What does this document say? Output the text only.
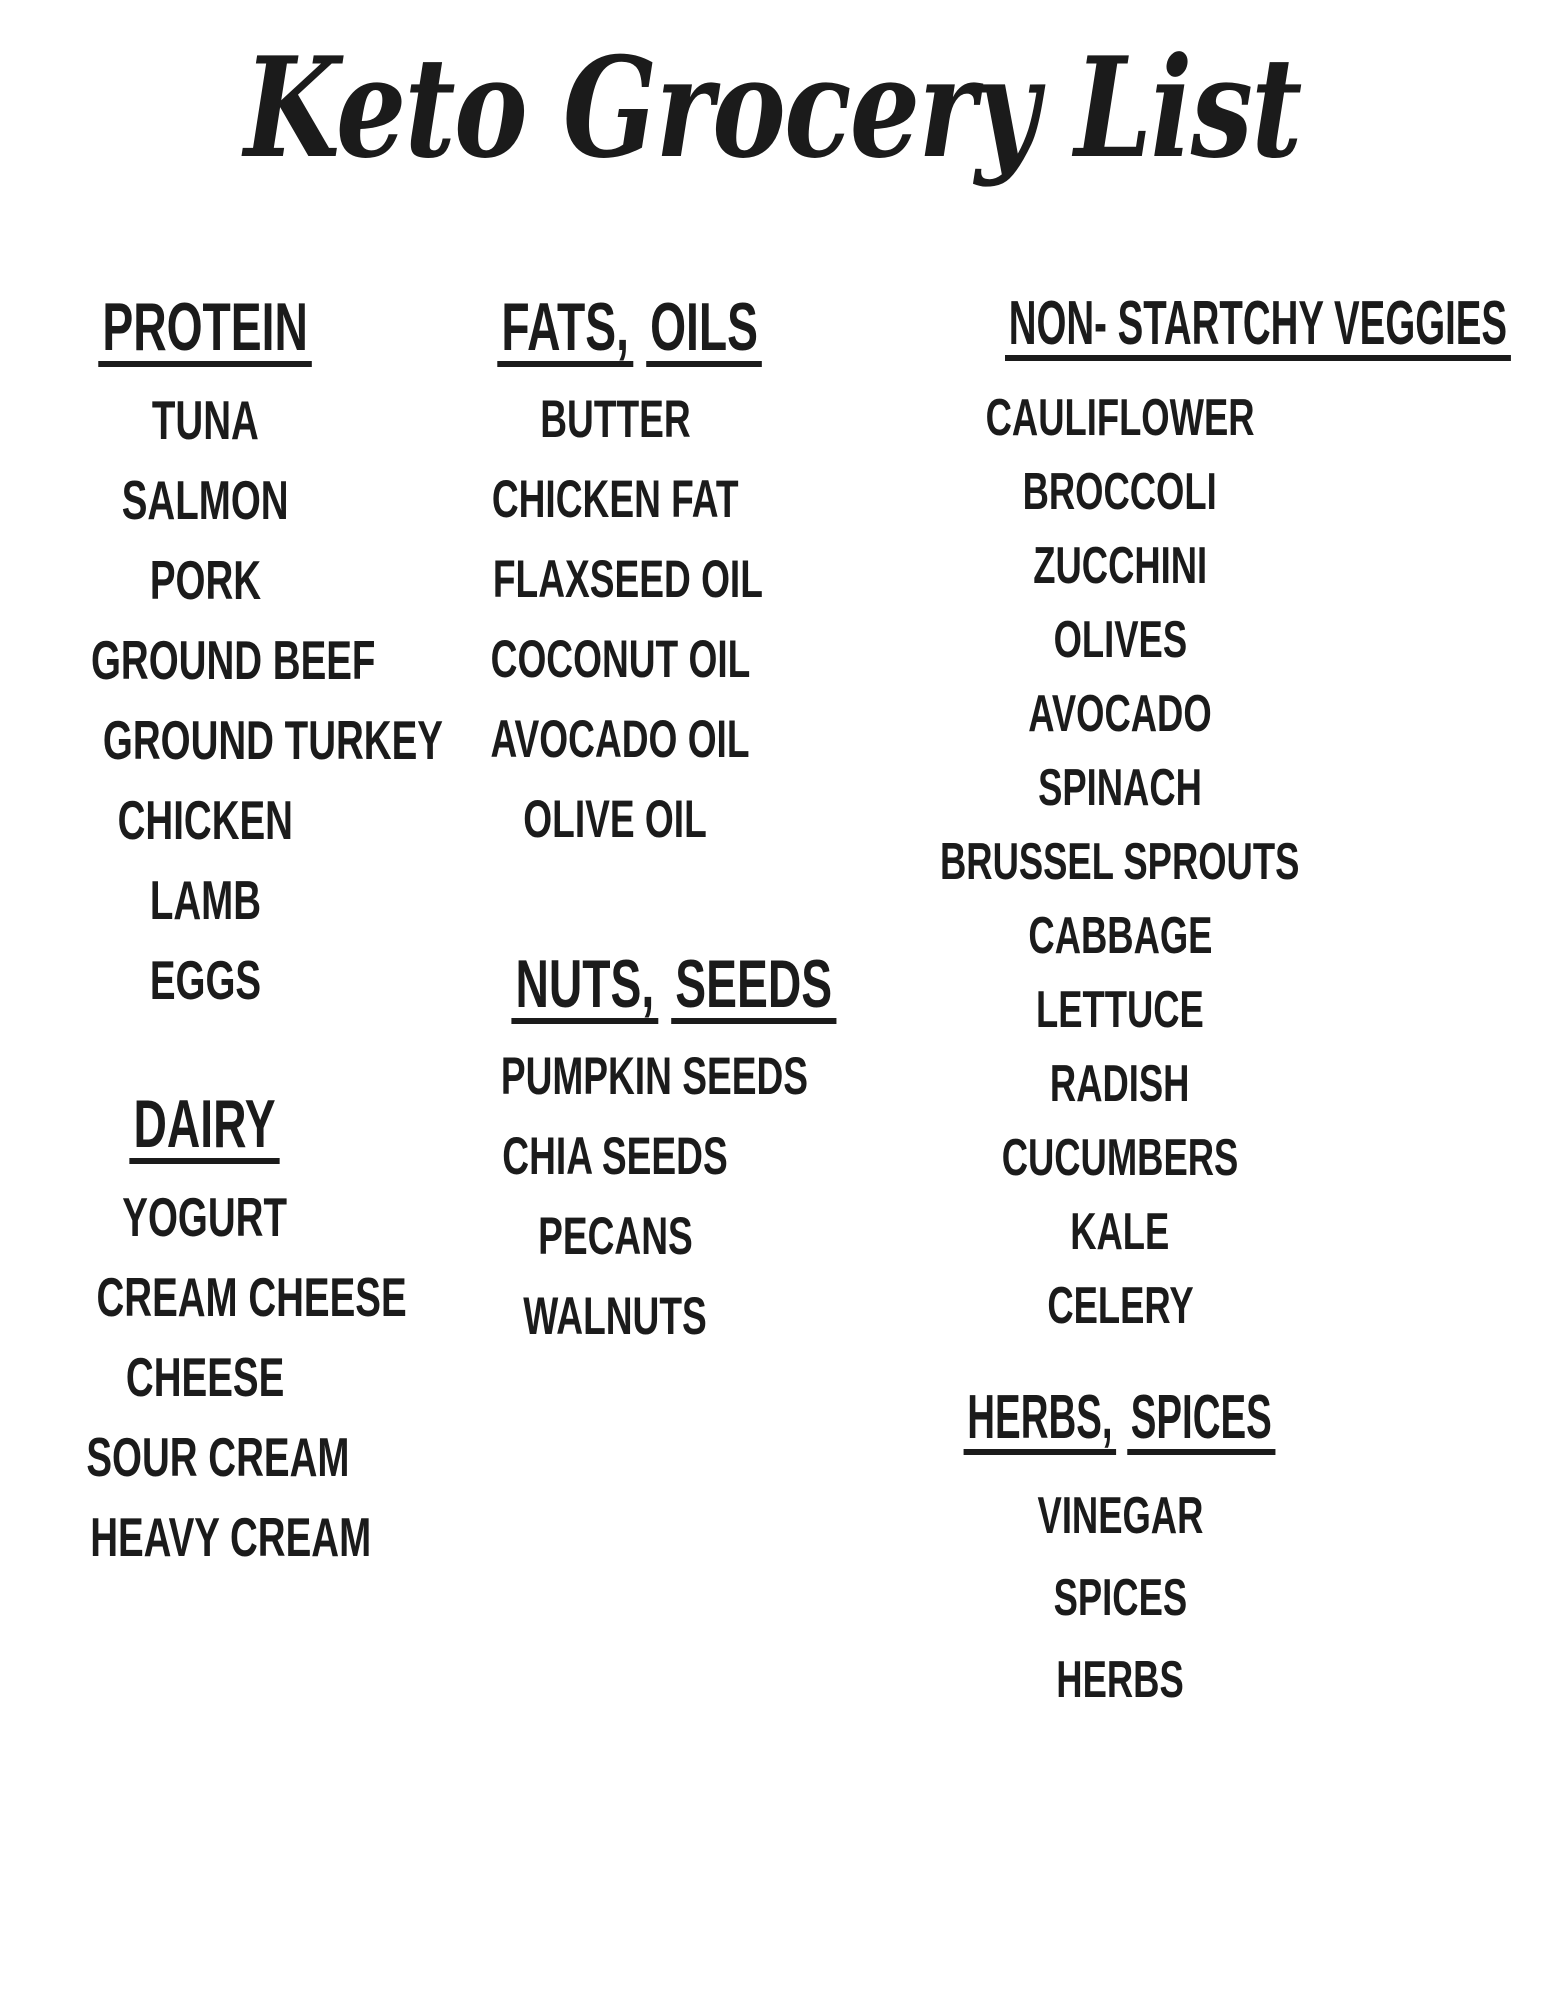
Keto Grocery List
PROTEIN
TUNA
SALMON
PORK
GROUND BEEF
GROUND TURKEY
CHICKEN
LAMB
EGGS
DAIRY
YOGURT
CREAM CHEESE
CHEESE
SOUR CREAM
HEAVY CREAM
FATS, OILS
BUTTER
CHICKEN FAT
FLAXSEED OIL
COCONUT OIL
AVOCADO OIL
OLIVE OIL
NUTS, SEEDS
PUMPKIN SEEDS
CHIA SEEDS
PECANS
WALNUTS
NON- STARTCHY VEGGIES
CAULIFLOWER
BROCCOLI
ZUCCHINI
OLIVES
AVOCADO
SPINACH
BRUSSEL SPROUTS
CABBAGE
LETTUCE
RADISH
CUCUMBERS
KALE
CELERY
HERBS, SPICES
VINEGAR
SPICES
HERBS
